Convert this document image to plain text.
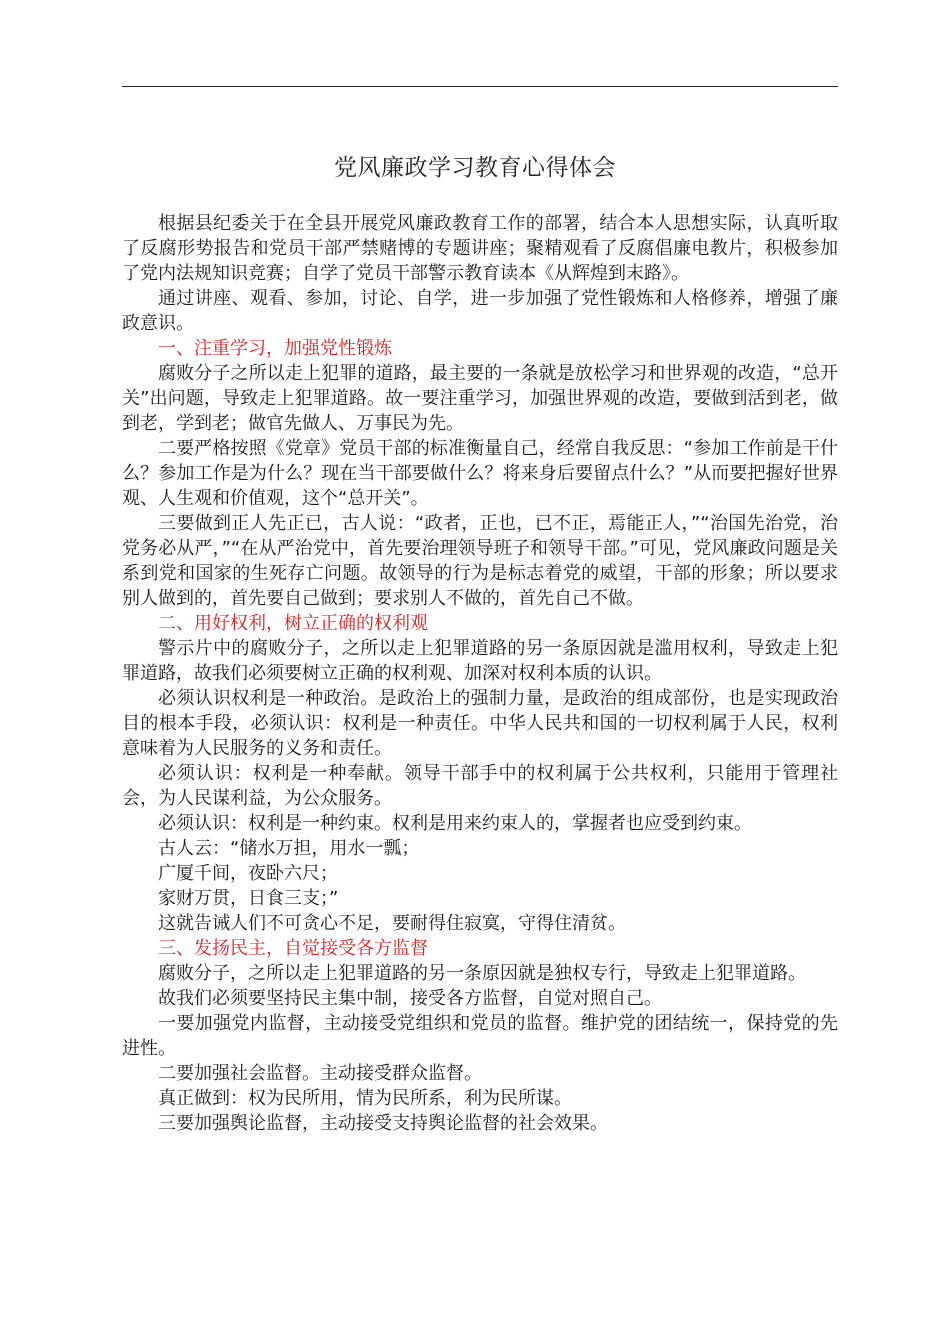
党风廉政学习教育心得体会

根据县纪委关于在全县开展党风廉政教育工作的部署，结合本人思想实际，认真听取了反腐形势报告和党员干部严禁赌博的专题讲座；聚精观看了反腐倡廉电教片，积极参加了党内法规知识竞赛；自学了党员干部警示教育读本《从辉煌到末路》。

通过讲座、观看、参加，讨论、自学，进一步加强了党性锻炼和人格修养，增强了廉政意识。

一、注重学习，加强党性锻炼

腐败分子之所以走上犯罪的道路，最主要的一条就是放松学习和世界观的改造，“总开关”出问题，导致走上犯罪道路。故一要注重学习，加强世界观的改造，要做到活到老，做到老，学到老；做官先做人、万事民为先。

二要严格按照《党章》党员干部的标准衡量自己，经常自我反思：“参加工作前是干什么？参加工作是为什么？现在当干部要做什么？将来身后要留点什么？”从而要把握好世界观、人生观和价值观，这个“总开关”。

三要做到正人先正已，古人说：“政者，正也，已不正，焉能正人，”“治国先治党，治党务必从严，”“在从严治党中，首先要治理领导班子和领导干部。”可见，党风廉政问题是关系到党和国家的生死存亡问题。故领导的行为是标志着党的威望，干部的形象；所以要求别人做到的，首先要自己做到；要求别人不做的，首先自己不做。

二、用好权利，树立正确的权利观

警示片中的腐败分子，之所以走上犯罪道路的另一条原因就是滥用权利，导致走上犯罪道路，故我们必须要树立正确的权利观、加深对权利本质的认识。

必须认识权利是一种政治。是政治上的强制力量，是政治的组成部份，也是实现政治目的根本手段，必须认识：权利是一种责任。中华人民共和国的一切权利属于人民，权利意味着为人民服务的义务和责任。

必须认识：权利是一种奉献。领导干部手中的权利属于公共权利，只能用于管理社会，为人民谋利益，为公众服务。

必须认识：权利是一种约束。权利是用来约束人的，掌握者也应受到约束。

古人云：“储水万担，用水一瓢；

广厦千间，夜卧六尺；

家财万贯，日食三支；”

这就告诫人们不可贪心不足，要耐得住寂寞，守得住清贫。

三、发扬民主，自觉接受各方监督

腐败分子，之所以走上犯罪道路的另一条原因就是独权专行，导致走上犯罪道路。

故我们必须要坚持民主集中制，接受各方监督，自觉对照自己。

一要加强党内监督，主动接受党组织和党员的监督。维护党的团结统一，保持党的先进性。

二要加强社会监督。主动接受群众监督。

真正做到：权为民所用，情为民所系，利为民所谋。

三要加强舆论监督，主动接受支持舆论监督的社会效果。
